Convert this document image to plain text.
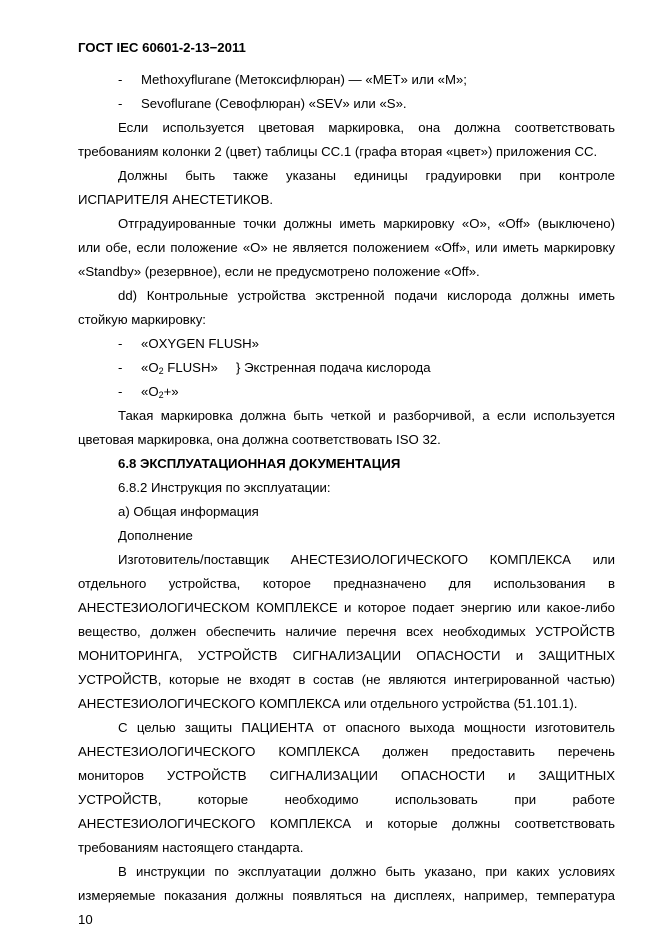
ГОСТ IEC 60601-2-13−2011
- Methoxyflurane (Метоксифлюран) — «MET» или «M»;
- Sevoflurane (Севофлюран) «SEV» или «S».
Если используется цветовая маркировка, она должна соответствовать
требованиям колонки 2 (цвет) таблицы СС.1 (графа вторая «цвет») приложения СС.
Должны быть также указаны единицы градуировки при контроле
ИСПАРИТЕЛЯ АНЕСТЕТИКОВ.
Отградуированные точки должны иметь маркировку «O», «Off» (выключено)
или обе, если положение «O» не является положением «Off», или иметь маркировку
«Standby» (резервное), если не предусмотрено положение «Off».
dd) Контрольные устройства экстренной подачи кислорода должны иметь
стойкую маркировку:
- «OXYGEN FLUSH»
- «$O_2$ FLUSH» } Экстренная подача кислорода
- «$O_2+$»
Такая маркировка должна быть четкой и разборчивой, а если используется
цветовая маркировка, она должна соответствовать ISO 32.
6.8 ЭКСПЛУАТАЦИОННАЯ ДОКУМЕНТАЦИЯ
6.8.2 Инструкция по эксплуатации:
a) Общая информация
Дополнение
Изготовитель/поставщик АНЕСТЕЗИОЛОГИЧЕСКОГО КОМПЛЕКСА или
отдельного устройства, которое предназначено для использования в
АНЕСТЕЗИОЛОГИЧЕСКОМ КОМПЛЕКСЕ и которое подает энергию или какое-либо
вещество, должен обеспечить наличие перечня всех необходимых УСТРОЙСТВ
МОНИТОРИНГА, УСТРОЙСТВ СИГНАЛИЗАЦИИ ОПАСНОСТИ и ЗАЩИТНЫХ
УСТРОЙСТВ, которые не входят в состав (не являются интегрированной частью)
АНЕСТЕЗИОЛОГИЧЕСКОГО КОМПЛЕКСА или отдельного устройства (51.101.1).
С целью защиты ПАЦИЕНТА от опасного выхода мощности изготовитель
АНЕСТЕЗИОЛОГИЧЕСКОГО КОМПЛЕКСА должен предоставить перечень
мониторов УСТРОЙСТВ СИГНАЛИЗАЦИИ ОПАСНОСТИ и ЗАЩИТНЫХ
УСТРОЙСТВ, которые необходимо использовать при работе
АНЕСТЕЗИОЛОГИЧЕСКОГО КОМПЛЕКСА и которые должны соответствовать
требованиям настоящего стандарта.
В инструкции по эксплуатации должно быть указано, при каких условиях
измеряемые показания должны появляться на дисплеях, например, температура
10
